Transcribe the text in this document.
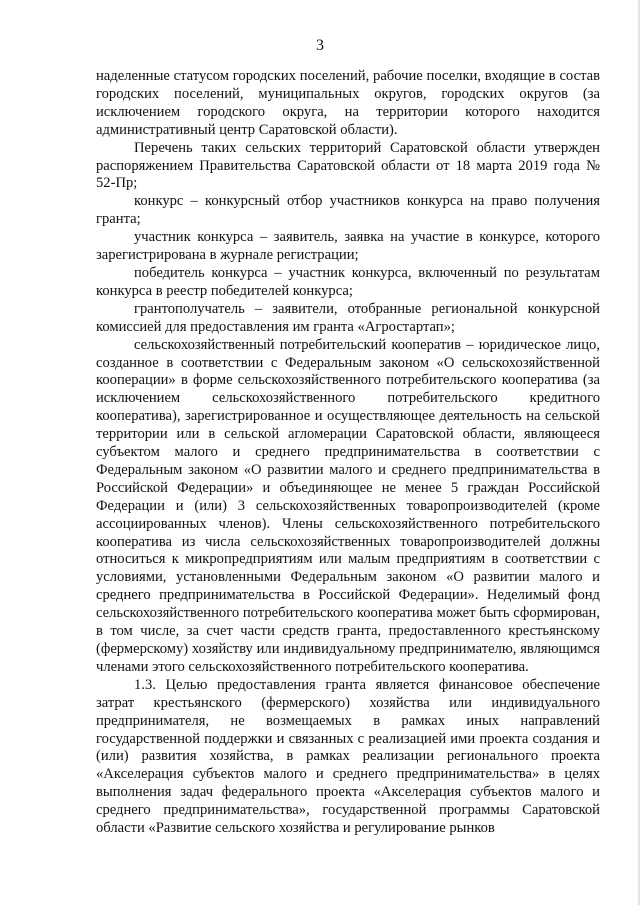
3

наделенные статусом городских поселений, рабочие поселки, входящие в состав городских поселений, муниципальных округов, городских округов (за исключением городского округа, на территории которого находится административный центр Саратовской области).

Перечень таких сельских территорий Саратовской области утвержден распоряжением Правительства Саратовской области от 18 марта 2019 года № 52-Пр;

конкурс – конкурсный отбор участников конкурса на право получения гранта;

участник конкурса – заявитель, заявка на участие в конкурсе, которого зарегистрирована в журнале регистрации;

победитель конкурса – участник конкурса, включенный по результатам конкурса в реестр победителей конкурса;

грантополучатель – заявители, отобранные региональной конкурсной комиссией для предоставления им гранта «Агростартап»;

сельскохозяйственный потребительский кооператив – юридическое лицо, созданное в соответствии с Федеральным законом «О сельскохозяйственной кооперации» в форме сельскохозяйственного потребительского кооператива (за исключением сельскохозяйственного потребительского кредитного кооператива), зарегистрированное и осуществляющее деятельность на сельской территории или в сельской агломерации Саратовской области, являющееся субъектом малого и среднего предпринимательства в соответствии с Федеральным законом «О развитии малого и среднего предпринимательства в Российской Федерации» и объединяющее не менее 5 граждан Российской Федерации и (или) 3 сельскохозяйственных товаропроизводителей (кроме ассоциированных членов). Члены сельскохозяйственного потребительского кооператива из числа сельскохозяйственных товаропроизводителей должны относиться к микропредприятиям или малым предприятиям в соответствии с условиями, установленными Федеральным законом «О развитии малого и среднего предпринимательства в Российской Федерации». Неделимый фонд сельскохозяйственного потребительского кооператива может быть сформирован, в том числе, за счет части средств гранта, предоставленного крестьянскому (фермерскому) хозяйству или индивидуальному предпринимателю, являющимся членами этого сельскохозяйственного потребительского кооператива.

1.3. Целью предоставления гранта является финансовое обеспечение затрат крестьянского (фермерского) хозяйства или индивидуального предпринимателя, не возмещаемых в рамках иных направлений государственной поддержки и связанных с реализацией ими проекта создания и (или) развития хозяйства, в рамках реализации регионального проекта «Акселерация субъектов малого и среднего предпринимательства» в целях выполнения задач федерального проекта «Акселерация субъектов малого и среднего предпринимательства», государственной программы Саратовской области «Развитие сельского хозяйства и регулирование рынков
